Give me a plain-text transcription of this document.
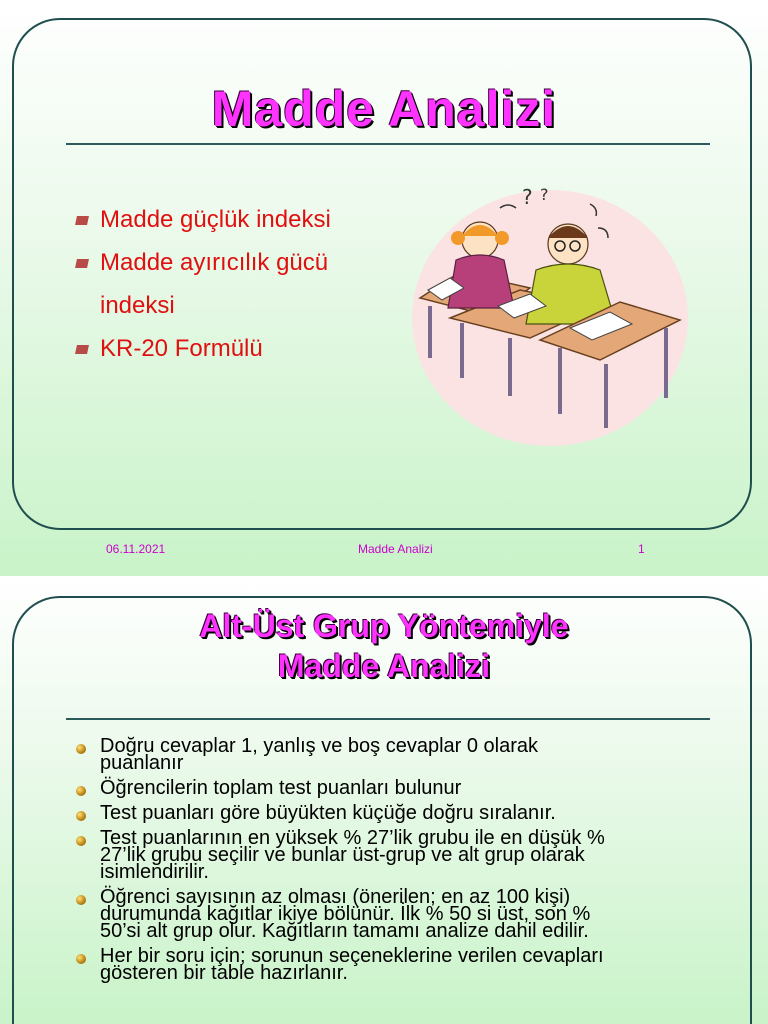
Madde Analizi
Madde güçlük indeksi
Madde ayırıcılık gücü
indeksi
KR-20 Formülü
? ?
06.11.2021	Madde Analizi	1
Alt-Üst Grup Yöntemiyle
Madde Analizi
Doğru cevaplar 1, yanlış ve boş cevaplar 0 olarak
puanlanır
Öğrencilerin toplam test puanları bulunur
Test puanları göre büyükten küçüğe doğru sıralanır.
Test puanlarının en yüksek % 27’lik grubu ile en düşük %
27’lik grubu seçilir ve bunlar üst-grup ve alt grup olarak
isimlendirilir.
Öğrenci sayısının az olması (önerilen; en az 100 kişi)
durumunda kağıtlar ikiye bölünür. İlk % 50 si üst, son %
50’si alt grup olur. Kağıtların tamamı analize dahil edilir.
Her bir soru için; sorunun seçeneklerine verilen cevapları
gösteren bir table hazırlanır.
